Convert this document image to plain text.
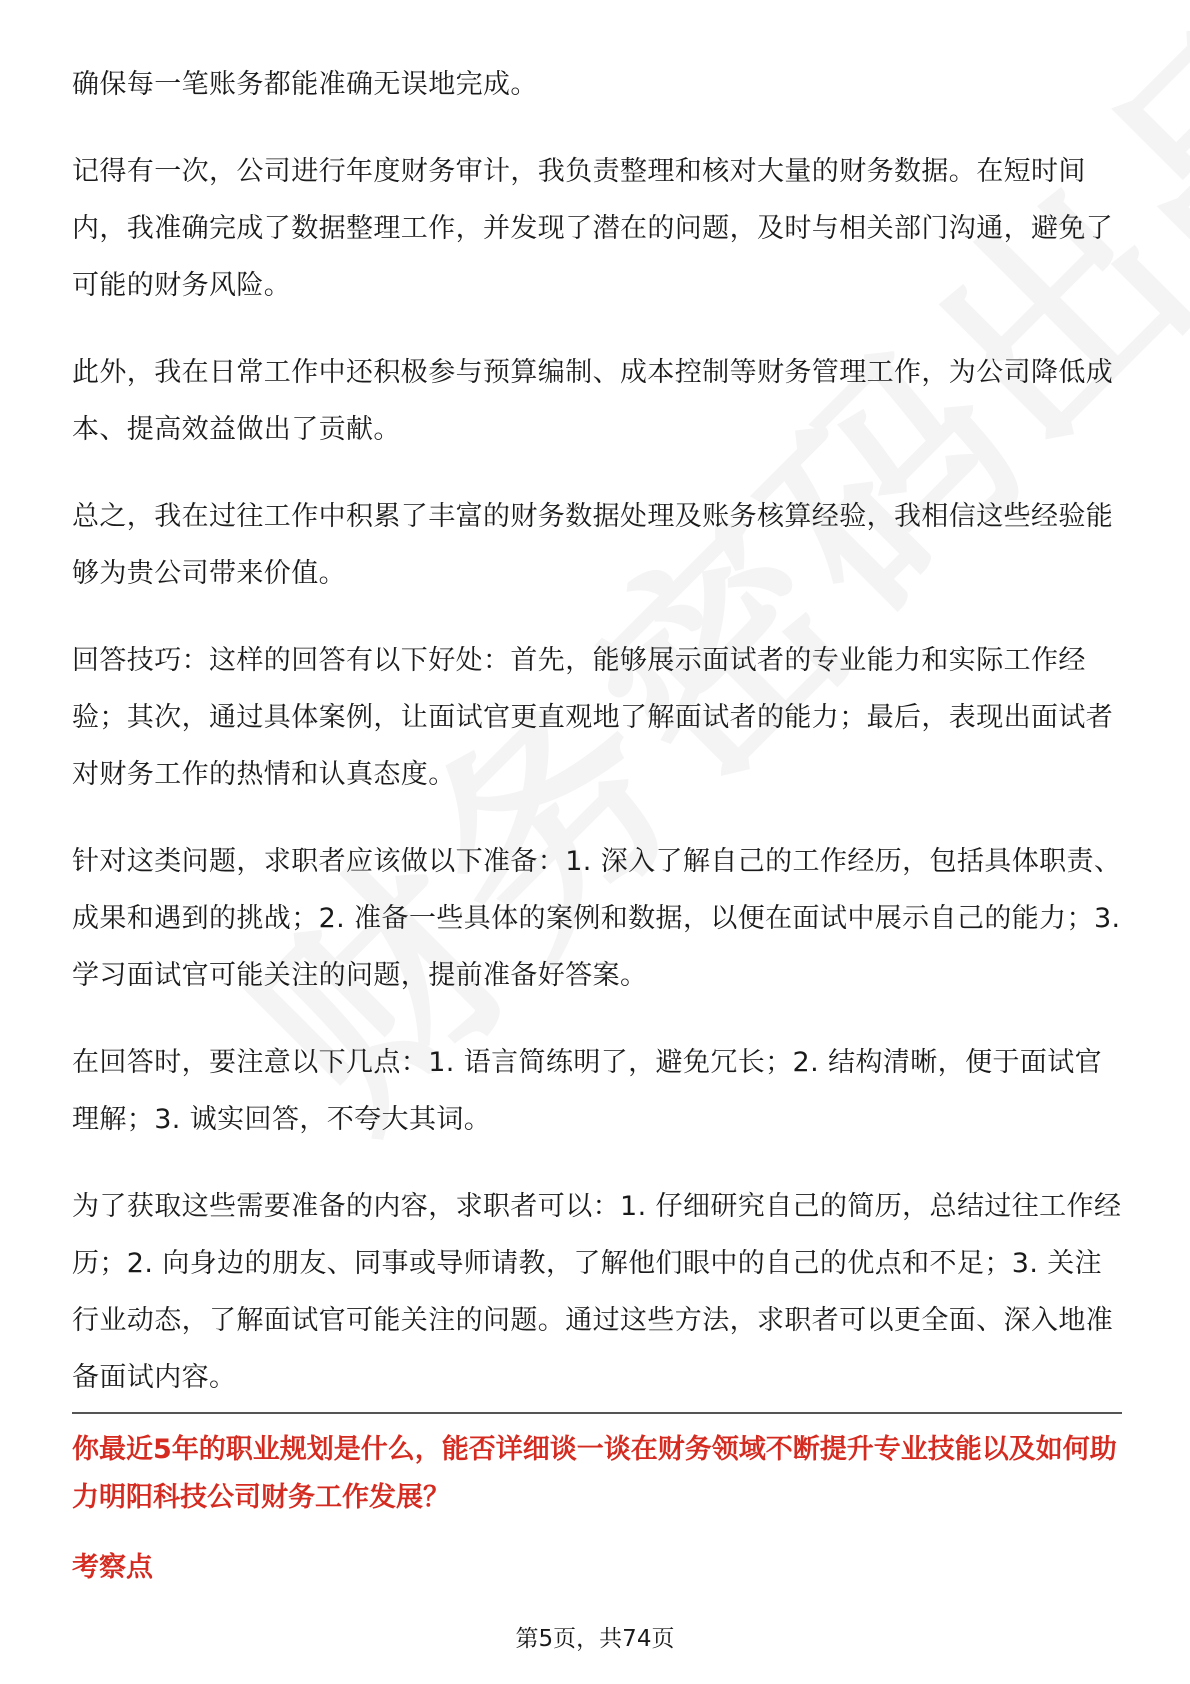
确保每一笔账务都能准确无误地完成。

记得有一次，公司进行年度财务审计，我负责整理和核对大量的财务数据。在短时间内，我准确完成了数据整理工作，并发现了潜在的问题，及时与相关部门沟通，避免了可能的财务风险。

此外，我在日常工作中还积极参与预算编制、成本控制等财务管理工作，为公司降低成本、提高效益做出了贡献。

总之，我在过往工作中积累了丰富的财务数据处理及账务核算经验，我相信这些经验能够为贵公司带来价值。

回答技巧：这样的回答有以下好处：首先，能够展示面试者的专业能力和实际工作经验；其次，通过具体案例，让面试官更直观地了解面试者的能力；最后，表现出面试者对财务工作的热情和认真态度。

针对这类问题，求职者应该做以下准备：1. 深入了解自己的工作经历，包括具体职责、成果和遇到的挑战；2. 准备一些具体的案例和数据，以便在面试中展示自己的能力；3. 学习面试官可能关注的问题，提前准备好答案。

在回答时，要注意以下几点：1. 语言简练明了，避免冗长；2. 结构清晰，便于面试官理解；3. 诚实回答，不夸大其词。

为了获取这些需要准备的内容，求职者可以：1. 仔细研究自己的简历，总结过往工作经历；2. 向身边的朋友、同事或导师请教，了解他们眼中的自己的优点和不足；3. 关注行业动态，了解面试官可能关注的问题。通过这些方法，求职者可以更全面、深入地准备面试内容。

你最近5年的职业规划是什么，能否详细谈一谈在财务领域不断提升专业技能以及如何助力明阳科技公司财务工作发展？
考察点
第5页，共74页
